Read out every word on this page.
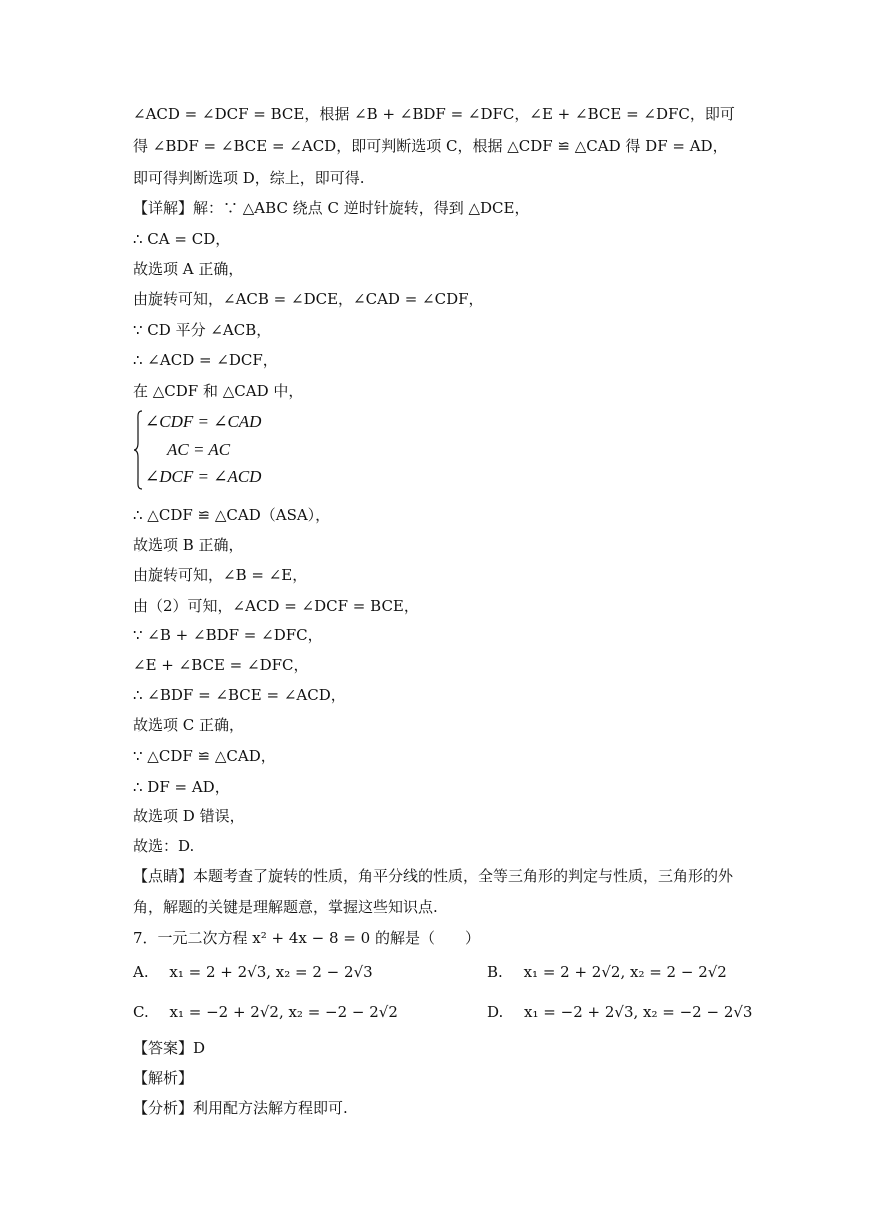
∠ACD = ∠DCF = BCE，根据 ∠B + ∠BDF = ∠DFC，∠E + ∠BCE = ∠DFC，即可
得 ∠BDF = ∠BCE = ∠ACD，即可判断选项 C，根据 △CDF ≌ △CAD 得 DF = AD，
即可得判断选项 D，综上，即可得.
【详解】解：∵ △ABC 绕点 C 逆时针旋转，得到 △DCE，
∴ CA = CD，
故选项 A 正确，
由旋转可知，∠ACB = ∠DCE，∠CAD = ∠CDF，
∵ CD 平分 ∠ACB，
∴ ∠ACD = ∠DCF，
在 △CDF 和 △CAD 中，
∠CDF = ∠CAD
AC = AC
∠DCF = ∠ACD
∴ △CDF ≌ △CAD（ASA），
故选项 B 正确，
由旋转可知，∠B = ∠E，
由（2）可知，∠ACD = ∠DCF = BCE，
∵ ∠B + ∠BDF = ∠DFC，
∠E + ∠BCE = ∠DFC，
∴ ∠BDF = ∠BCE = ∠ACD，
故选项 C 正确，
∵ △CDF ≌ △CAD，
∴ DF = AD，
故选项 D 错误，
故选：D.
【点睛】本题考查了旋转的性质，角平分线的性质，全等三角形的判定与性质，三角形的外
角，解题的关键是理解题意，掌握这些知识点.
7．一元二次方程 x² + 4x − 8 = 0 的解是（　　）
A. x₁ = 2 + 2√3, x₂ = 2 − 2√3	B. x₁ = 2 + 2√2, x₂ = 2 − 2√2
C. x₁ = −2 + 2√2, x₂ = −2 − 2√2	D. x₁ = −2 + 2√3, x₂ = −2 − 2√3
【答案】D
【解析】
【分析】利用配方法解方程即可.
